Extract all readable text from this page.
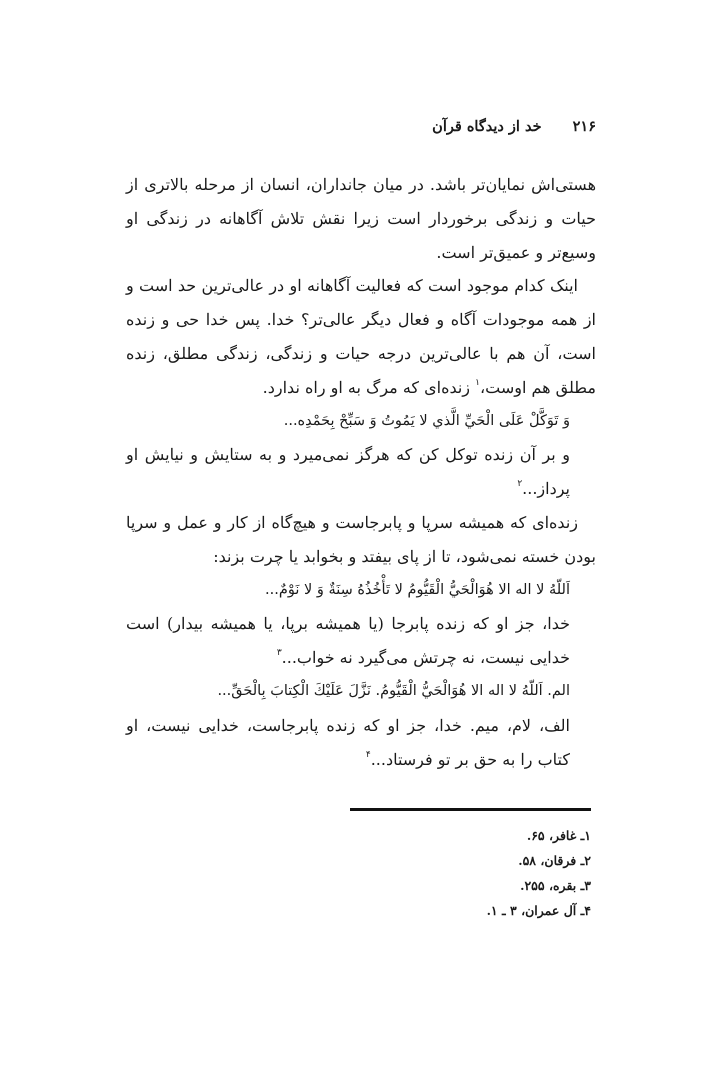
۲۱۶ خد از دیدگاه قرآن

هستی‌اش نمایان‌تر باشد. در میان جانداران، انسان از مرحله بالاتری از حیات و زندگی برخوردار است زیرا نقش تلاش آگاهانه در زندگی او وسیع‌تر و عمیق‌تر است.

اینک کدام موجود است که فعالیت آگاهانه او در عالی‌ترین حد است و از همه موجودات آگاه و فعال دیگر عالی‌تر؟ خدا. پس خدا حی و زنده است، آن هم با عالی‌ترین درجه حیات و زندگی، زندگی مطلق، زنده مطلق هم اوست،$^۱$ زنده‌ای که مرگ به او راه ندارد.

وَ تَوَكَّلْ عَلَى الْحَيِّ الَّذي لا يَمُوتُ وَ سَبِّحْ بِحَمْدِه...

و بر آن زنده توکل کن که هرگز نمی‌میرد و به ستایش و نیایش او پرداز...$^۲$

زنده‌ای که همیشه سرپا و پابرجاست و هیچ‌گاه از کار و عمل و سرپا بودن خسته نمی‌شود، تا از پای بیفتد و بخوابد یا چرت بزند:

اَللّهُ لا اله الا هُوَالْحَيُّ الْقَيُّومُ لا تَأْخُذُهُ سِنَةٌ وَ لا نَوْمٌ...

خدا، جز او که زنده پابرجا (یا همیشه برپا، یا همیشه بیدار) است خدایی نیست، نه چرتش می‌گیرد نه خواب...$^۳$

الم. اَللّهُ لا اله الا هُوَالْحَيُّ الْقَيُّومُ. نَزَّلَ عَلَيْكَ الْكِتابَ بِالْحَقِّ...

الف، لام، میم. خدا، جز او که زنده پابرجاست، خدایی نیست، او کتاب را به حق بر تو فرستاد...$^۴$

۱ـ غافر، ۶۵.
۲ـ فرقان، ۵۸.
۳ـ بقره، ۲۵۵.
۴ـ آل عمران، ۳ ـ ۱.
